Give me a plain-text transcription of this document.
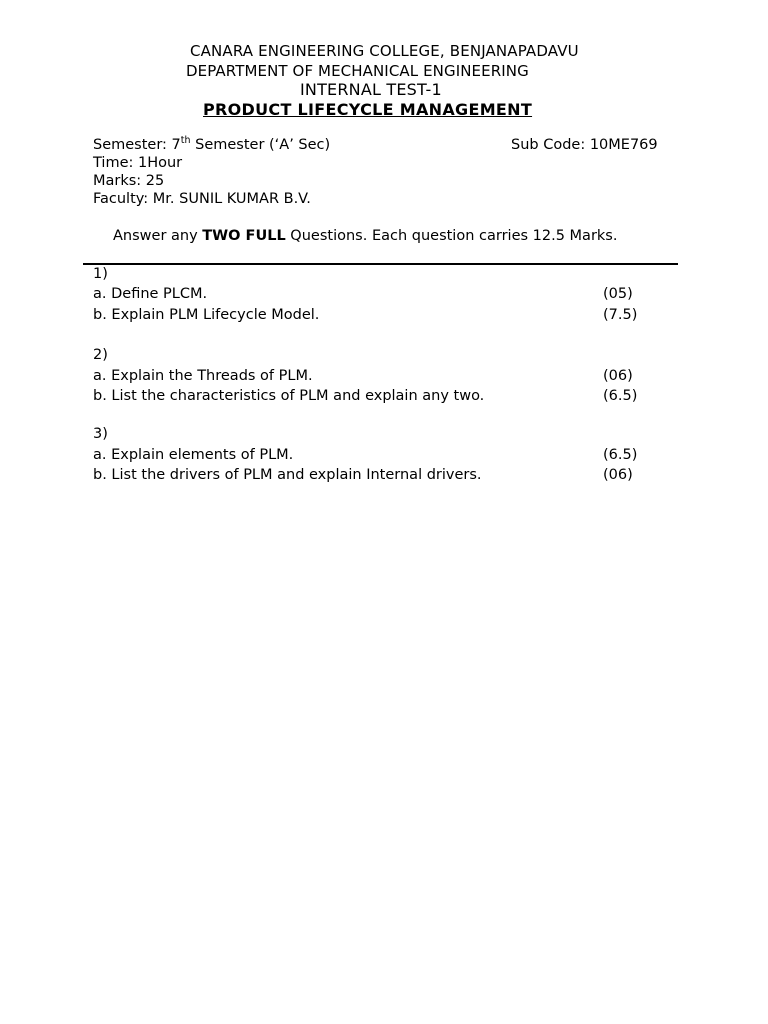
CANARA ENGINEERING COLLEGE, BENJANAPADAVU
DEPARTMENT OF MECHANICAL ENGINEERING
INTERNAL TEST-1
PRODUCT LIFECYCLE MANAGEMENT
Semester: 7th Semester (‘A’ Sec)	Sub Code: 10ME769
Time: 1Hour
Marks: 25
Faculty: Mr. SUNIL KUMAR B.V.
Answer any TWO FULL Questions. Each question carries 12.5 Marks.
1)
a. Define PLCM.	(05)
b. Explain PLM Lifecycle Model.	(7.5)
2)
a. Explain the Threads of PLM.	(06)
b. List the characteristics of PLM and explain any two.	(6.5)
3)
a. Explain elements of PLM.	(6.5)
b. List the drivers of PLM and explain Internal drivers.	(06)
